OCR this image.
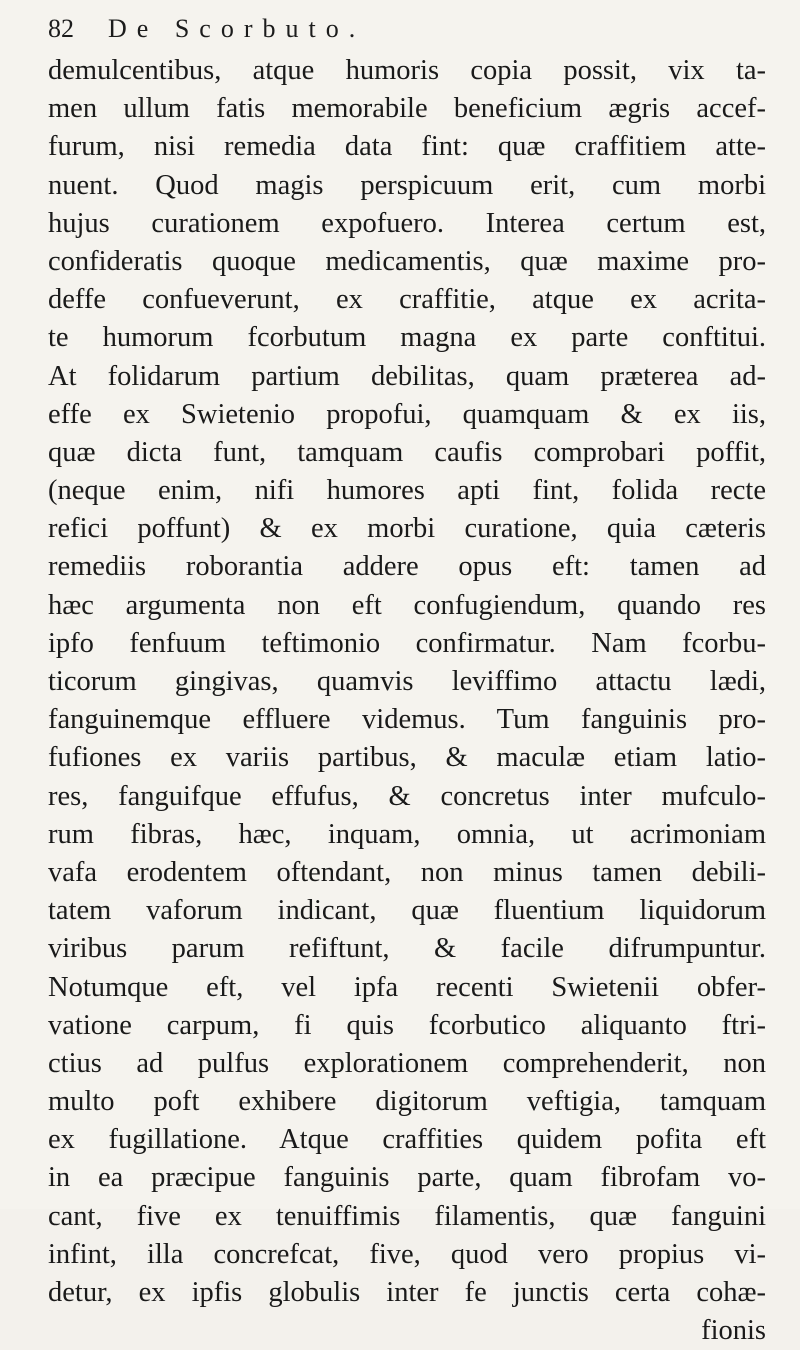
82 De Scorbuto.
demulcentibus, atque humoris copia possit, vix ta-
men ullum fatis memorabile beneficium ægris accef-
furum, nisi remedia data fint: quæ craffitiem atte-
nuent. Quod magis perspicuum erit, cum morbi
hujus curationem expofuero. Interea certum est,
confideratis quoque medicamentis, quæ maxime pro-
deffe confueverunt, ex craffitie, atque ex acrita-
te humorum fcorbutum magna ex parte conftitui.
At folidarum partium debilitas, quam præterea ad-
effe ex Swietenio propofui, quamquam & ex iis,
quæ dicta funt, tamquam caufis comprobari poffit,
(neque enim, nifi humores apti fint, folida recte
refici poffunt) & ex morbi curatione, quia cæteris
remediis roborantia addere opus eft: tamen ad
hæc argumenta non eft confugiendum, quando res
ipfo fenfuum teftimonio confirmatur. Nam fcorbu-
ticorum gingivas, quamvis leviffimo attactu lædi,
fanguinemque effluere videmus. Tum fanguinis pro-
fufiones ex variis partibus, & maculæ etiam latio-
res, fanguifque effufus, & concretus inter mufculo-
rum fibras, hæc, inquam, omnia, ut acrimoniam
vafa erodentem oftendant, non minus tamen debili-
tatem vaforum indicant, quæ fluentium liquidorum
viribus parum refiftunt, & facile difrumpuntur.
Notumque eft, vel ipfa recenti Swietenii obfer-
vatione carpum, fi quis fcorbutico aliquanto ftri-
ctius ad pulfus explorationem comprehenderit, non
multo poft exhibere digitorum veftigia, tamquam
ex fugillatione. Atque craffities quidem pofita eft
in ea præcipue fanguinis parte, quam fibrofam vo-
cant, five ex tenuiffimis filamentis, quæ fanguini
infint, illa concrefcat, five, quod vero propius vi-
detur, ex ipfis globulis inter fe junctis certa cohæ-
fionis
